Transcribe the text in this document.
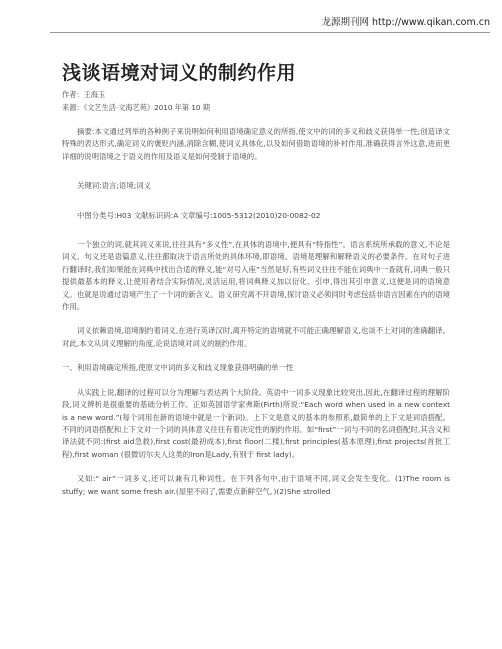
龙源期刊网 http://www.qikan.com.cn
浅谈语境对词义的制约作用
作者：王海玉
来源：《文艺生活·文海艺苑》2010 年第 10 期

摘要:本文通过列举的各种例子来说明如何利用语境确定意义的所指,使文中的词的多义和歧义获得单一性;创造译文特殊的表达形式,确定词义的褒贬内涵,消除含糊,使词义具体化,以及如何借助语境的补衬作用,准确获得言外这意,进而更详细的说明语境之于语义的作用及语义是如何受制于语境的。

关键词:语言;语境;词义

中图分类号:H03 文献标识码:A 文章编号:1005-5312(2010)20-0082-02

一个独立的词,就其词义来说,往往具有“多义性”,在具体的语境中,便具有“特指性”。语言系统所承载的意义,不论是词义、句义还是语篇意义,往往都取决于语言所处的具体环境,即语境。语境是理解和解释语义的必要条件。在对句子进行翻译时,我们如果能在词典中找出合适的释义,能“对号入座”当然是好,有些词义往往不能在词典中一查就有,词典一般只提供最基本的释义,让使用者结合实际情况,灵活运用,将词典释义加以衍化、引申,得出其引申意义,这便是词的语境意义。也就是说通过语境产生了一个词的新含义。语义研究离不开语境,探讨语义必须同时考虑包括非语言因素在内的语境作用。

词义依赖语境,语境制约着词义,在进行英译汉时,离开特定的语境就不可能正确理解语义,也谈不上对词的准确翻译。对此,本文从词义理解的角度,论说语境对词义的制约作用。

一、利用语境确定所指,使原文中词的多义和歧义现象获得明确的单一性

从实践上说,翻译的过程可以分为理解与表达两个大阶段。英语中一词多义现象比较突出,因此,在翻译过程的理解阶段,词义辨析是很重要的基础分析工作。正如英国语学家弗斯(Firth)所说:“Each word when used in a new context is a new word.”(每个词用在新的语境中就是一个新词)。上下文是意义的基本的参照系,最简单的上下文是词语搭配。不同的词语搭配和上下文对一个词的具体意义往往有着决定性的制约作用。如“first”一词与不同的名词搭配时,其含义和译法就不同:(first aid急救),first cost(最初成本),first floor(二楼),first principles(基本原理),first projects(首批工程),first woman (很微切尔夫人这类的Iron是Lady,有别于 first lady)。

又如:“ air”一词多义,还可以兼有几种词性。在下列各句中,由于语境不同,词义会发生变化。(1)The room is stuffy; we want some fresh air.(屋里不闷了,需要点新鲜空气。)(2)She strolled
